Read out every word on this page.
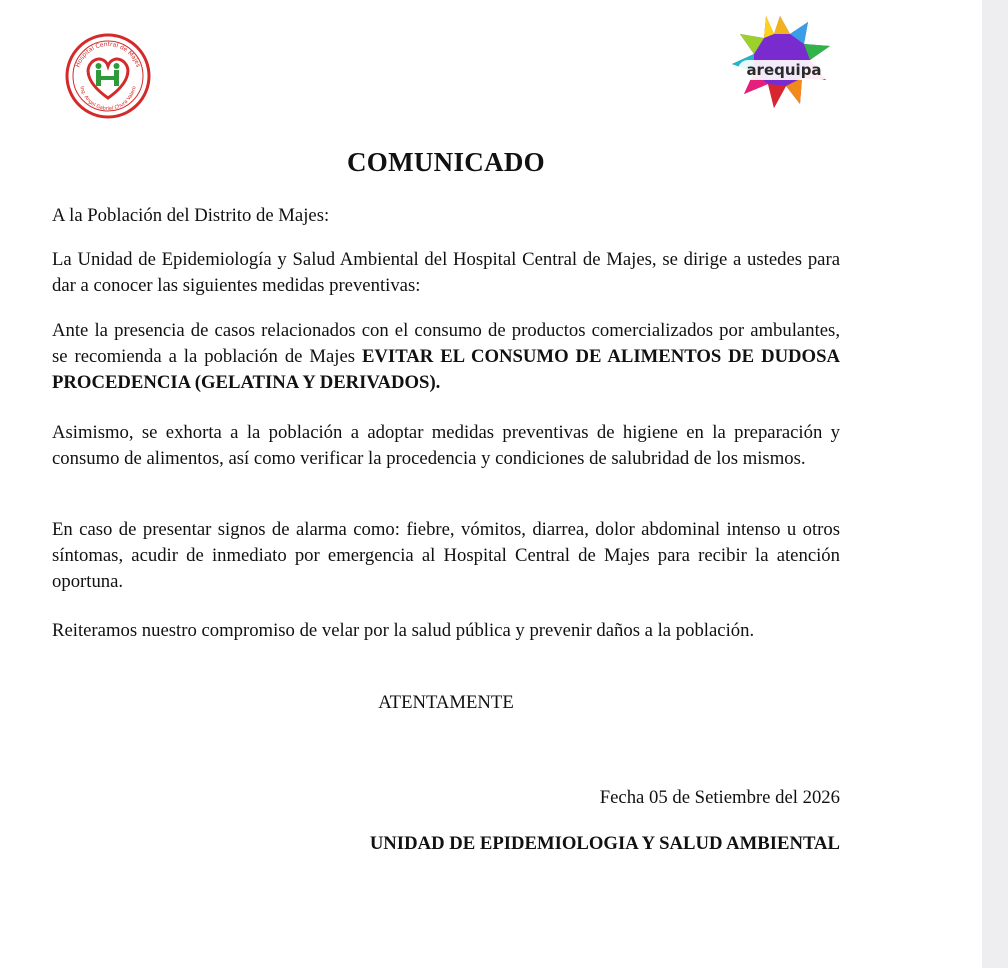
Hospital Central de Majes
Ing. Angel Gabriel Chura Valero
arequipa
COMUNICADO
A la Población del Distrito de Majes:
La Unidad de Epidemiología y Salud Ambiental del Hospital Central de Majes, se dirige a ustedes para dar a conocer las siguientes medidas preventivas:
Ante la presencia de casos relacionados con el consumo de productos comercializados por ambulantes, se recomienda a la población de Majes EVITAR EL CONSUMO DE ALIMENTOS DE DUDOSA PROCEDENCIA (GELATINA Y DERIVADOS).
Asimismo, se exhorta a la población a adoptar medidas preventivas de higiene en la preparación y consumo de alimentos, así como verificar la procedencia y condiciones de salubridad de los mismos.
En caso de presentar signos de alarma como: fiebre, vómitos, diarrea, dolor abdominal intenso u otros síntomas, acudir de inmediato por emergencia al Hospital Central de Majes para recibir la atención oportuna.
Reiteramos nuestro compromiso de velar por la salud pública y prevenir daños a la población.
ATENTAMENTE
Fecha 05 de Setiembre del 2026
UNIDAD DE EPIDEMIOLOGIA Y SALUD AMBIENTAL
